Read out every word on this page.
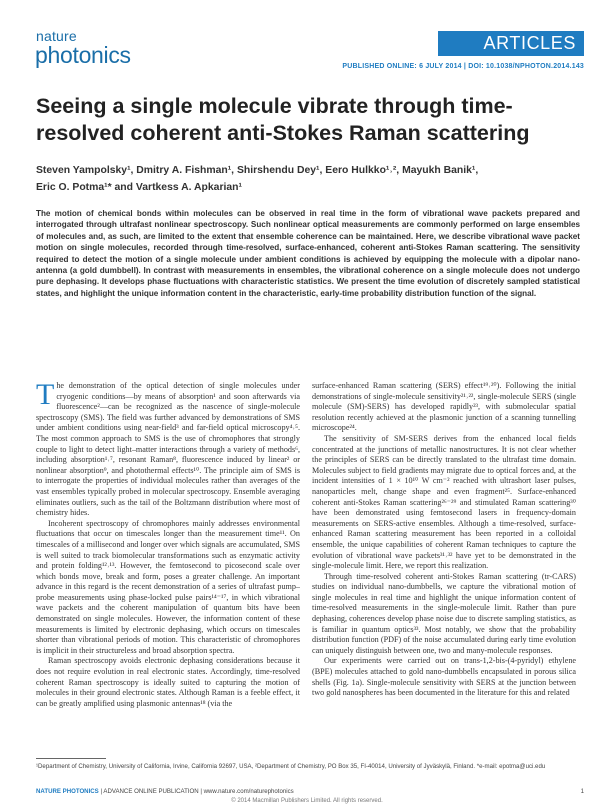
nature
photonics	ARTICLES
PUBLISHED ONLINE: 6 JULY 2014 | DOI: 10.1038/NPHOTON.2014.143
Seeing a single molecule vibrate through time-resolved coherent anti-Stokes Raman scattering
Steven Yampolsky¹, Dmitry A. Fishman¹, Shirshendu Dey¹, Eero Hulkko¹˒², Mayukh Banik¹,
Eric O. Potma¹* and Vartkess A. Apkarian¹
The motion of chemical bonds within molecules can be observed in real time in the form of vibrational wave packets prepared and interrogated through ultrafast nonlinear spectroscopy. Such nonlinear optical measurements are commonly performed on large ensembles of molecules and, as such, are limited to the extent that ensemble coherence can be maintained. Here, we describe vibrational wave packet motion on single molecules, recorded through time-resolved, surface-enhanced, coherent anti-Stokes Raman scattering. The sensitivity required to detect the motion of a single molecule under ambient conditions is achieved by equipping the molecule with a dipolar nano-antenna (a gold dumbbell). In contrast with measurements in ensembles, the vibrational coherence on a single molecule does not undergo pure dephasing. It develops phase fluctuations with characteristic statistics. We present the time evolution of discretely sampled statistical states, and highlight the unique information content in the characteristic, early-time probability distribution function of the signal.

The demonstration of the optical detection of single molecules under cryogenic conditions—by means of absorption¹ and soon afterwards via fluorescence²—can be recognized as the nascence of single-molecule spectroscopy (SMS). The field was further advanced by demonstrations of SMS under ambient conditions using near-field³ and far-field optical microscopy⁴˒⁵. The most common approach to SMS is the use of chromophores that strongly couple to light to detect light–matter interactions through a variety of methods⁶, including absorption¹˒⁷, resonant Raman⁸, fluorescence induced by linear² or nonlinear absorption⁹, and photothermal effects¹⁰. The principle aim of SMS is to interrogate the properties of individual molecules rather than averages of the vast ensembles typically probed in molecular spectroscopy. Ensemble averaging eliminates outliers, such as the tail of the Boltzmann distribution where most of chemistry hides.

Incoherent spectroscopy of chromophores mainly addresses environmental fluctuations that occur on timescales longer than the measurement time¹¹. On timescales of a millisecond and longer over which signals are accumulated, SMS is well suited to track biomolecular transformations such as enzymatic activity and protein folding¹²˒¹³. However, the femtosecond to picosecond scale over which bonds move, break and form, poses a greater challenge. An important advance in this regard is the recent demonstration of a series of ultrafast pump–probe measurements using phase-locked pulse pairs¹⁴⁻¹⁷, in which vibrational wave packets and the coherent manipulation of quantum bits have been demonstrated on single molecules. However, the information content of these measurements is limited by electronic dephasing, which occurs on timescales shorter than vibrational periods of motion. This characteristic of chromophores is implicit in their structureless and broad absorption spectra.

Raman spectroscopy avoids electronic dephasing considerations because it does not require evolution in real electronic states. Accordingly, time-resolved coherent Raman spectroscopy is ideally suited to capturing the motion of molecules in their ground electronic states. Although Raman is a feeble effect, it can be greatly amplified using plasmonic antennas¹⁸ (via the

surface-enhanced Raman scattering (SERS) effect¹⁹˒²⁰). Following the initial demonstrations of single-molecule sensitivity²¹˒²², single-molecule SERS (single molecule (SM)-SERS) has developed rapidly²³, with submolecular spatial resolution recently achieved at the plasmonic junction of a scanning tunnelling microscope²⁴.

The sensitivity of SM-SERS derives from the enhanced local fields concentrated at the junctions of metallic nanostructures. It is not clear whether the principles of SERS can be directly translated to the ultrafast time domain. Molecules subject to field gradients may migrate due to optical forces and, at the incident intensities of 1 × 10¹⁰ W cm⁻² reached with ultrashort laser pulses, nanoparticles melt, change shape and even fragment²⁵. Surface-enhanced coherent anti-Stokes Raman scattering²⁶⁻²⁹ and stimulated Raman scattering³⁰ have been demonstrated using femtosecond lasers in frequency-domain measurements on SERS-active ensembles. Although a time-resolved, surface-enhanced Raman scattering measurement has been reported in a colloidal ensemble, the unique capabilities of coherent Raman techniques to capture the evolution of vibrational wave packets³¹˒³² have yet to be demonstrated in the single-molecule limit. Here, we report this realization.

Through time-resolved coherent anti-Stokes Raman scattering (tr-CARS) studies on individual nano-dumbbells, we capture the vibrational motion of single molecules in real time and highlight the unique information content of time-resolved measurements in the single-molecule limit. Rather than pure dephasing, coherences develop phase noise due to discrete sampling statistics, as is familiar in quantum optics³³. Most notably, we show that the probability distribution function (PDF) of the noise accumulated during early time evolution can uniquely distinguish between one, two and many-molecule responses.

Our experiments were carried out on trans-1,2-bis-(4-pyridyl) ethylene (BPE) molecules attached to gold nano-dumbbells encapsulated in porous silica shells (Fig. 1a). Single-molecule sensitivity with SERS at the junction between two gold nanospheres has been documented in the literature for this and related

¹Department of Chemistry, University of California, Irvine, California 92697, USA, ²Department of Chemistry, PO Box 35, FI-40014, University of Jyväskylä, Finland. *e-mail: epotma@uci.edu
NATURE PHOTONICS | ADVANCE ONLINE PUBLICATION | www.nature.com/naturephotonics	1
© 2014 Macmillan Publishers Limited. All rights reserved.
